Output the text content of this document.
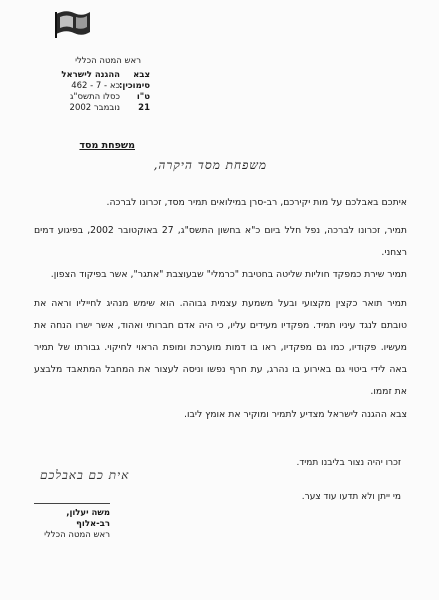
ראש המטה הכללי
צבא
ההגנה לישראל
סימוכין:
כא - 7 - 462
ט"ו
כסלו התשס"ג
21
נובמבר 2002
משפחת מסד
משפחת מסד היקרה,
איתכם באבלכם על מות יקירכם, רב-סרן במילואים תמיר מסד, זכרונו לברכה.
תמיר, זכרונו לברכה, נפל חלל ביום כ"א בחשון התשס"ג, 27 באוקטובר 2002, בפיגוע דמים רצחני.
תמיר שירת כמפקד חוליות שליטה בחטיבת "כרמלי" שבעוצבת "אתגר", אשר בפיקוד הצפון.
תמיר תואר כקצין מקצועי ובעל משמעת עצמית גבוהה. הוא שימש מנהיג לחייליו וראה את טובתם לנגד עיניו תמיד. מפקדיו מעידים עליו, כי היה אדם חברותי ואהוד, אשר ישרו הנחה את מעשיו. פקודיו, כמו גם מפקדיו, ראו בו דמות מוערכת ומופת הראוי לחיקוי. גבורתו של תמיר באה לידי ביטוי גם באירוע בו נהרג, עת חרף נפשו וניסה לעצור את המחבל המתאבד מלבצע את זממו.
צבא ההגנה לישראל מצדיע לתמיר ומוקיר את אומץ ליבו.
זכרו יהיה נצור בליבנו תמיד.
מי ייתן ולא תדעו עוד צער.
אית כם באבלכם
משה יעלון, רב-אלוף
ראש המטה הכללי
